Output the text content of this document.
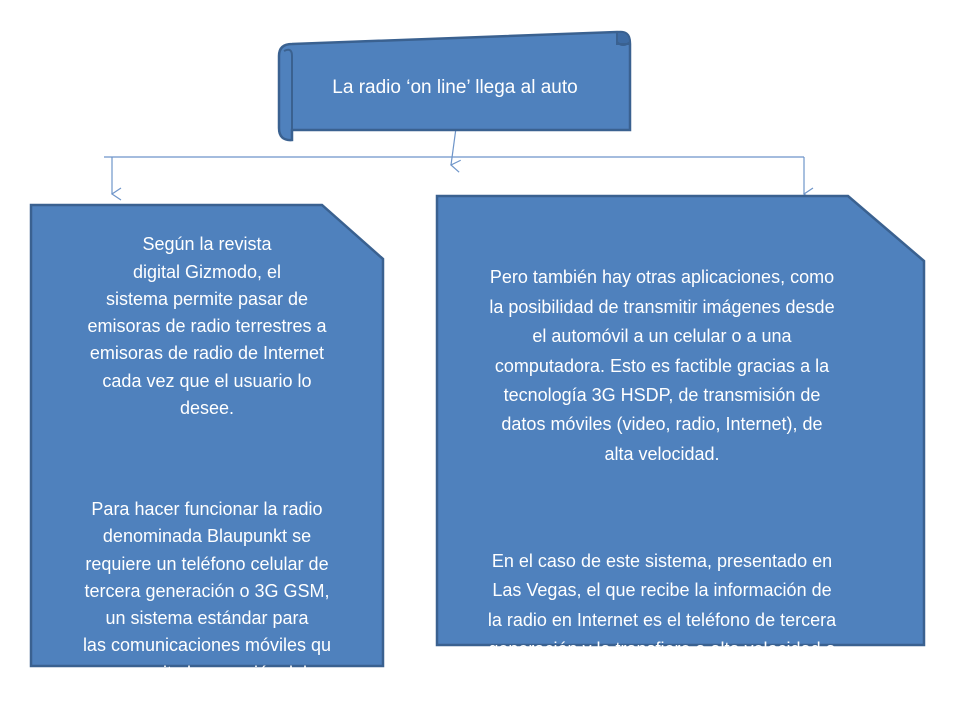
La radio ‘on line’ llega al auto

Según la revista
digital Gizmodo, el
sistema permite pasar de
emisoras de radio terrestres a
emisoras de radio de Internet
cada vez que el usuario lo
desee.

Para hacer funcionar la radio
denominada Blaupunkt se
requiere un teléfono celular de
tercera generación o 3G GSM,
un sistema estándar para
las comunicaciones móviles qu
e permite la conexión del
teléfono con la Internet.

Pero también hay otras aplicaciones, como
la posibilidad de transmitir imágenes desde
el automóvil a un celular o a una
computadora. Esto es factible gracias a la
tecnología 3G HSDP, de transmisión de
datos móviles (video, radio, Internet), de
alta velocidad.

En el caso de este sistema, presentado en
Las Vegas, el que recibe la información de
la radio en Internet es el teléfono de tercera
generación y la transfiere a alta velocidad a
la radio del automóvil, vía tecnología
inalámbrica bluetooth.
